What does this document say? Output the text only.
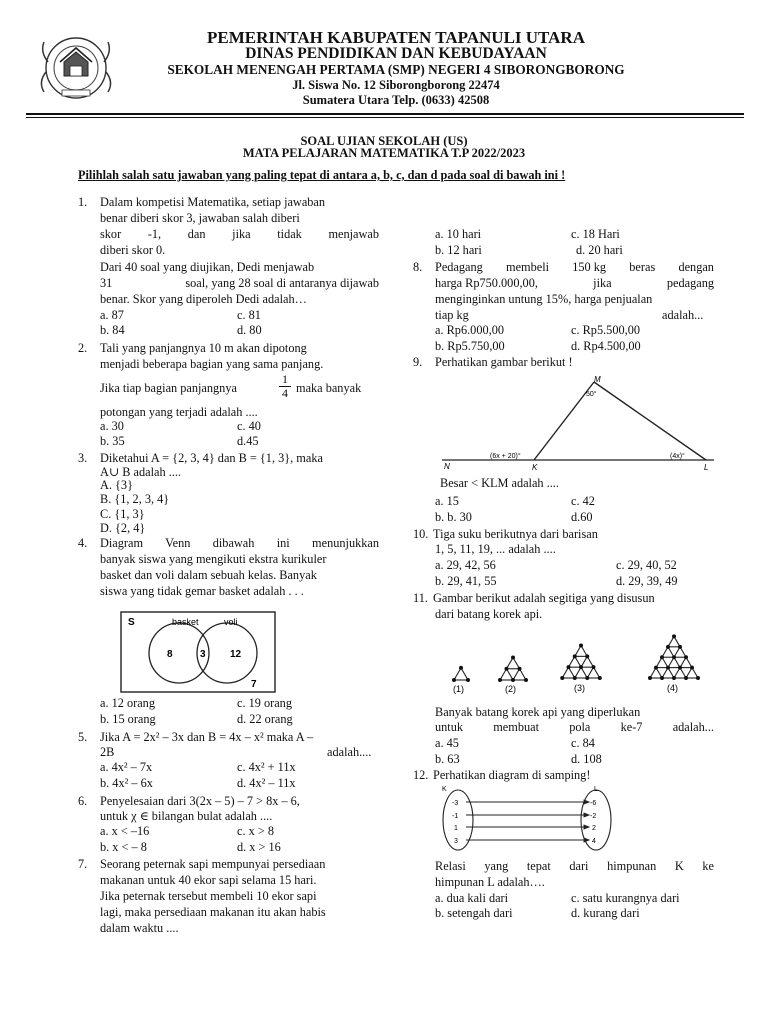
PEMERINTAH KABUPATEN TAPANULI UTARA
DINAS PENDIDIKAN DAN KEBUDAYAAN
SEKOLAH MENENGAH PERTAMA (SMP) NEGERI 4 SIBORONGBORONG
Jl. Siswa No. 12 Siborongborong 22474
Sumatera Utara Telp. (0633) 42508
SOAL UJIAN SEKOLAH (US)
MATA PELAJARAN MATEMATIKA T.P 2022/2023
Pilihlah salah satu jawaban yang paling tepat di antara a, b, c, dan d pada soal di bawah ini !
1. Dalam kompetisi Matematika, setiap jawaban
benar diberi skor 3, jawaban salah diberi
skor -1, dan jika tidak menjawab
diberi skor 0.
Dari 40 soal yang diujikan, Dedi menjawab
31	soal, yang 28 soal di antaranya dijawab
benar. Skor yang diperoleh Dedi adalah…
a. 87	c. 81
b. 84	d. 80
2. Tali yang panjangnya 10 m akan dipotong
menjadi beberapa bagian yang sama panjang.
Jika tiap bagian panjangnya	$\frac{1}{4}$ maka banyak
potongan yang terjadi adalah ....
a. 30	c. 40
b. 35	d.45
3. Diketahui A = {2, 3, 4} dan B = {1, 3}, maka
A∪ B adalah ....
A. {3}
B. {1, 2, 3, 4}
C. {1, 3}
D. {2, 4}
4. Diagram Venn dibawah ini menunjukkan
banyak siswa yang mengikuti ekstra kurikuler
basket dan voli dalam sebuah kelas. Banyak
siswa yang tidak gemar basket adalah . . .
S	basket	voli
8	3 12
7
a. 12 orang	c. 19 orang
b. 15 orang	d. 22 orang
5. Jika A = 2x² – 3x dan B = 4x – x² maka A –
2B	adalah....
a. 4x² – 7x	c. 4x² + 11x
b. 4x² – 6x	d. 4x² – 11x
6. Penyelesaian dari 3(2x – 5) – 7 > 8x – 6,
untuk χ ∈ bilangan bulat adalah ....
a. x < –16	c. x > 8
b. x < – 8	d. x > 16
7. Seorang peternak sapi mempunyai persediaan
makanan untuk 40 ekor sapi selama 15 hari.
Jika peternak tersebut membeli 10 ekor sapi
lagi, maka persediaan makanan itu akan habis
dalam waktu ....
a. 10 hari	c. 18 Hari
b. 12 hari	d. 20 hari
8. Pedagang membeli 150 kg beras dengan
harga Rp750.000,00,	jika	pedagang
menginginkan untung 15%, harga penjualan
tiap kg	adalah...
a. Rp6.000,00	c. Rp5.500,00
b. Rp5.750,00	d. Rp4.500,00
9. Perhatikan gambar berikut !
M
50°
N	K	L
(6x + 20)°	(4x)°
Besar < KLM adalah ....
a. 15	c. 42
b. b. 30	d.60
10. Tiga suku berikutnya dari barisan
1, 5, 11, 19, ... adalah ....
a. 29, 42, 56	c. 29, 40, 52
b. 29, 41, 55	d. 29, 39, 49
11. Gambar berikut adalah segitiga yang disusun
dari batang korek api.
(1)	(2)	(3)	(4)
Banyak batang korek api yang diperlukan
untuk membuat pola ke-7 adalah...
a. 45	c. 84
b. 63	d. 108
12. Perhatikan diagram di samping!
K	L
-3
-1
1
3
-6
-2
2
4
Relasi yang tepat dari himpunan K ke
himpunan L adalah….
a. dua kali dari	c. satu kurangnya dari
b. setengah dari	d. kurang dari
